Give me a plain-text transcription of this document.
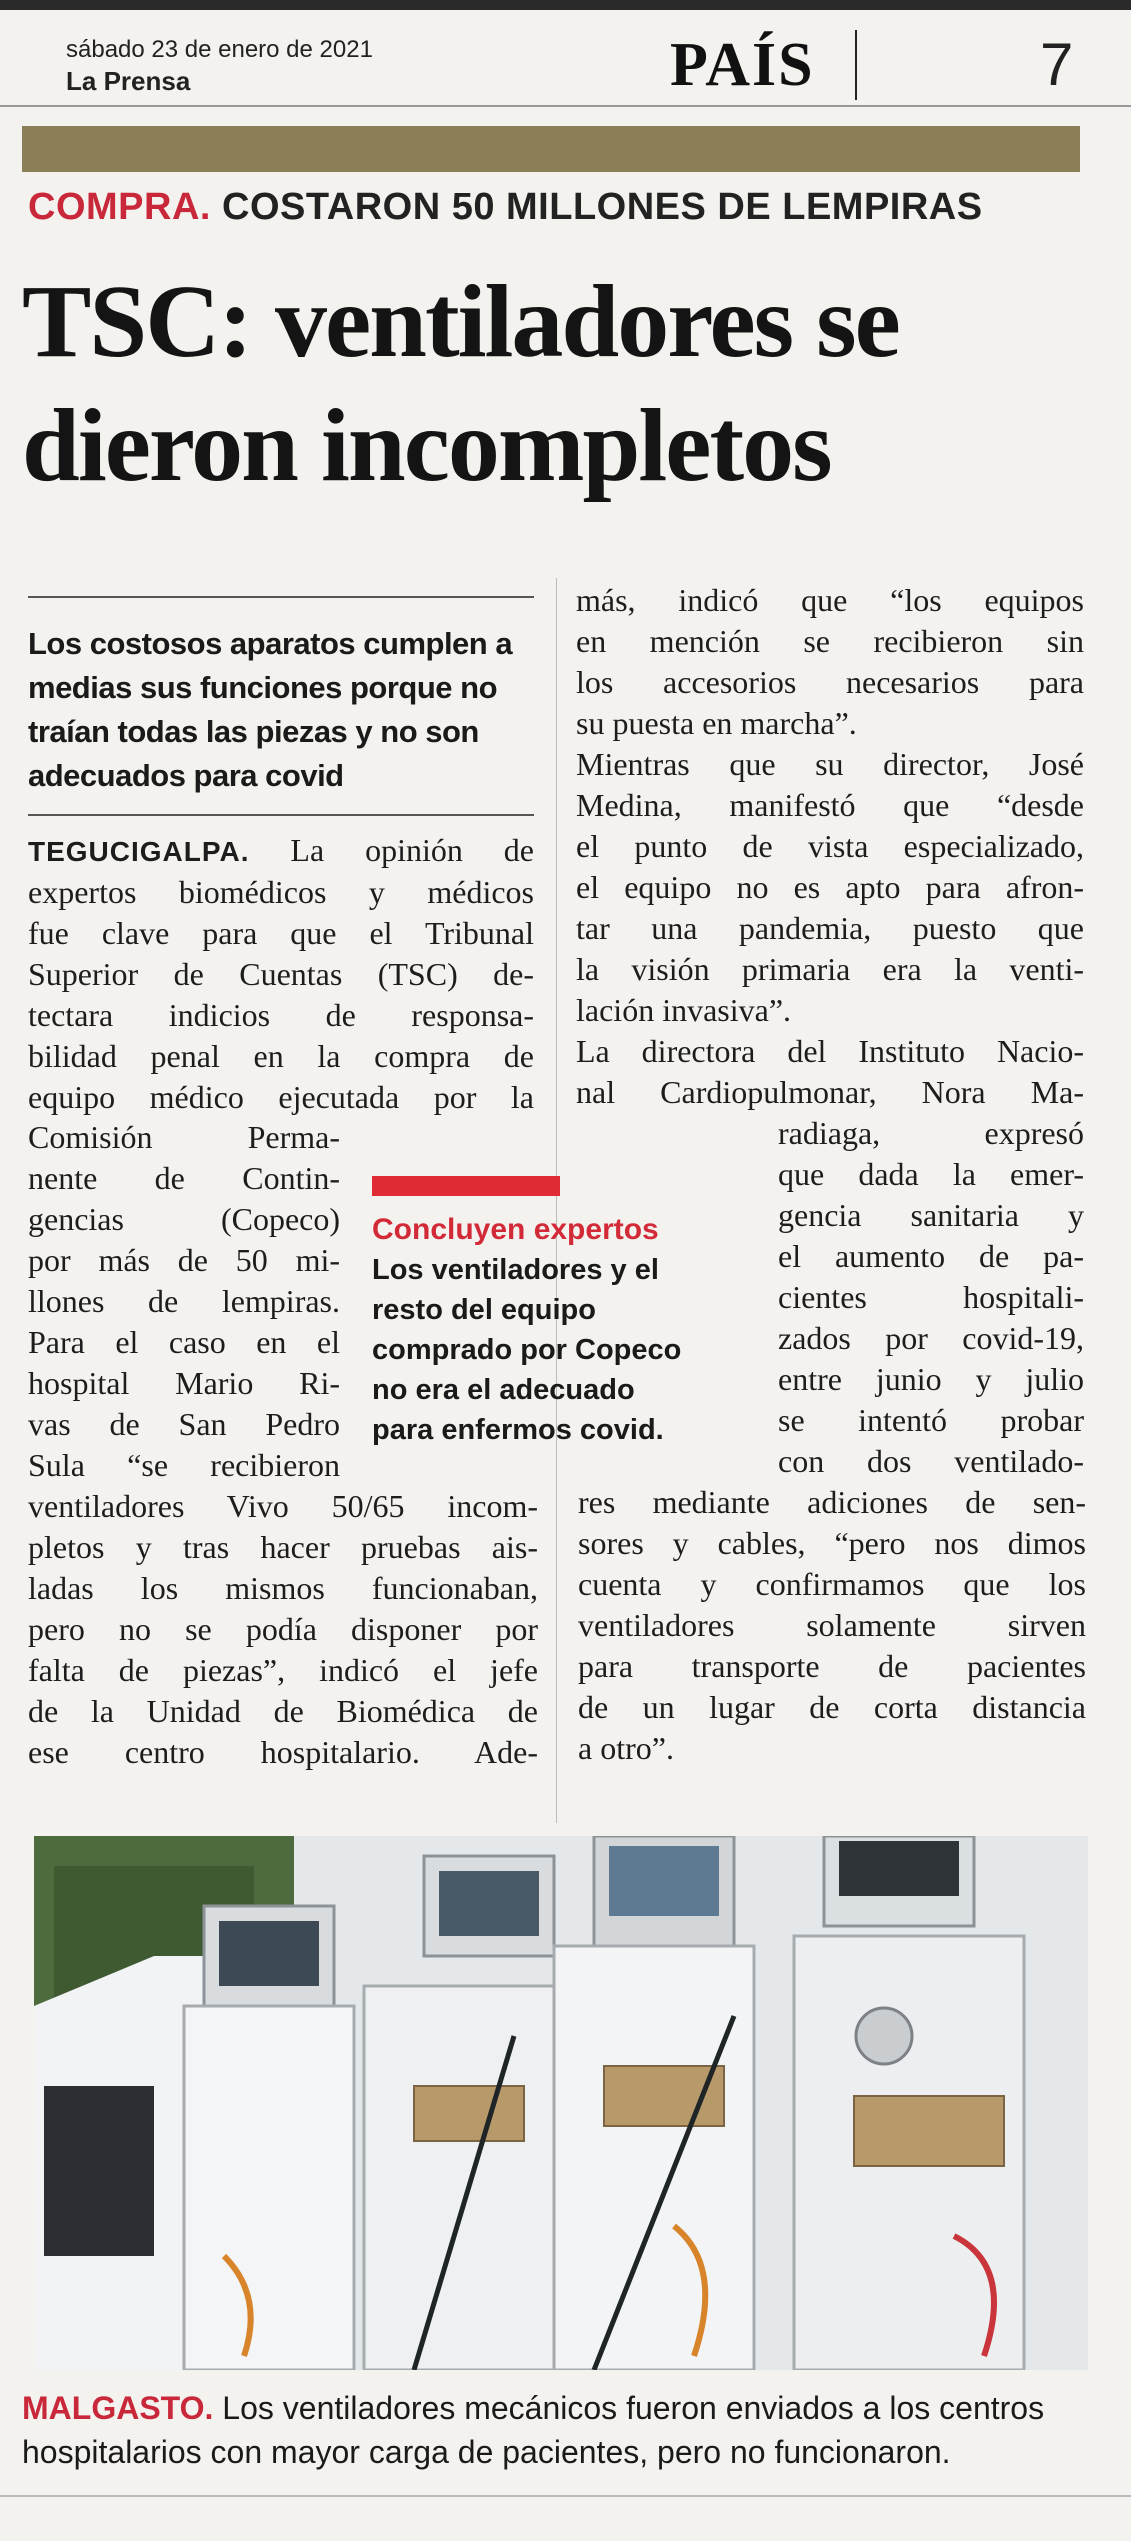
sábado 23 de enero de 2021
La Prensa	PAÍS	7
COMPRA. COSTARON 50 MILLONES DE LEMPIRAS
TSC: ventiladores se
dieron incompletos
Los costosos aparatos cumplen a medias sus funciones porque no traían todas las piezas y no son adecuados para covid
TEGUCIGALPA. La opinión de
expertos biomédicos y médicos
fue clave para que el Tribunal
Superior de Cuentas (TSC) de-
tectara indicios de responsa-
bilidad penal en la compra de
equipo médico ejecutada por la
Comisión Perma-
nente de Contin-
gencias (Copeco)
por más de 50 mi-
llones de lempiras.
Para el caso en el
hospital Mario Ri-
vas de San Pedro
Sula “se recibieron
ventiladores Vivo 50/65 incom-
pletos y tras hacer pruebas ais-
ladas los mismos funcionaban,
pero no se podía disponer por
falta de piezas”, indicó el jefe
de la Unidad de Biomédica de
ese centro hospitalario. Ade-
más, indicó que “los equipos
en mención se recibieron sin
los accesorios necesarios para
su puesta en marcha”.
Mientras que su director, José
Medina, manifestó que “desde
el punto de vista especializado,
el equipo no es apto para afron-
tar una pandemia, puesto que
la visión primaria era la venti-
lación invasiva”.
La directora del Instituto Nacio-
nal Cardiopulmonar, Nora Ma-
radiaga, expresó
que dada la emer-
gencia sanitaria y
el aumento de pa-
cientes hospitali-
zados por covid-19,
entre junio y julio
se intentó probar
con dos ventilado-
res mediante adiciones de sen-
sores y cables, “pero nos dimos
cuenta y confirmamos que los
ventiladores solamente sirven
para transporte de pacientes
de un lugar de corta distancia
a otro”.
Concluyen expertos
Los ventiladores y el resto del equipo comprado por Copeco no era el adecuado para enfermos covid.
MALGASTO. Los ventiladores mecánicos fueron enviados a los centros hospitalarios con mayor carga de pacientes, pero no funcionaron.
